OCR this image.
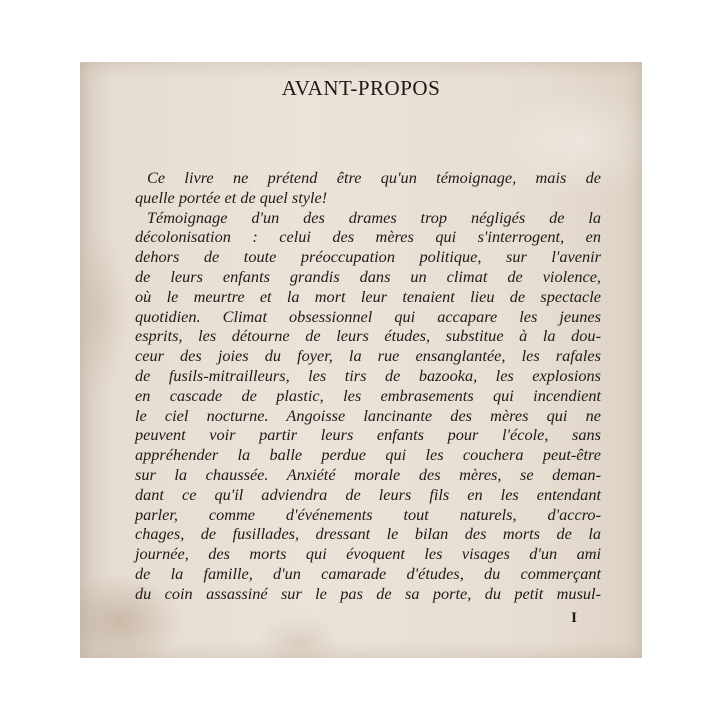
AVANT-PROPOS
Ce livre ne prétend être qu'un témoignage, mais de
quelle portée et de quel style!
Témoignage d'un des drames trop négligés de la
décolonisation : celui des mères qui s'interrogent, en
dehors de toute préoccupation politique, sur l'avenir
de leurs enfants grandis dans un climat de violence,
où le meurtre et la mort leur tenaient lieu de spectacle
quotidien. Climat obsessionnel qui accapare les jeunes
esprits, les détourne de leurs études, substitue à la dou-
ceur des joies du foyer, la rue ensanglantée, les rafales
de fusils-mitrailleurs, les tirs de bazooka, les explosions
en cascade de plastic, les embrasements qui incendient
le ciel nocturne. Angoisse lancinante des mères qui ne
peuvent voir partir leurs enfants pour l'école, sans
appréhender la balle perdue qui les couchera peut-être
sur la chaussée. Anxiété morale des mères, se deman-
dant ce qu'il adviendra de leurs fils en les entendant
parler, comme d'événements tout naturels, d'accro-
chages, de fusillades, dressant le bilan des morts de la
journée, des morts qui évoquent les visages d'un ami
de la famille, d'un camarade d'études, du commerçant
du coin assassiné sur le pas de sa porte, du petit musul-
I
